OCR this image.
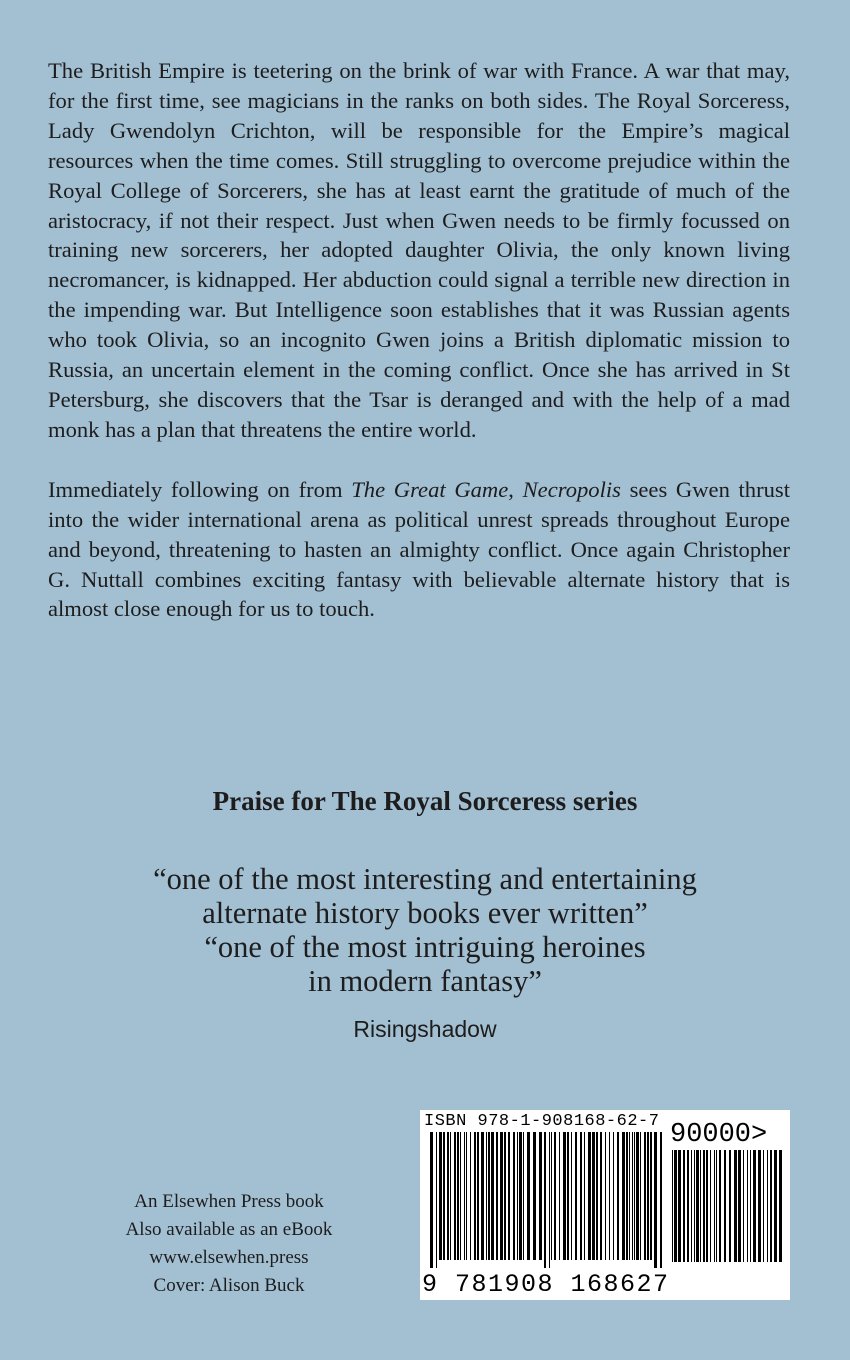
The British Empire is teetering on the brink of war with France. A war that may, for the first time, see magicians in the ranks on both sides. The Royal Sorceress, Lady Gwendolyn Crichton, will be responsible for the Empire’s magical resources when the time comes. Still struggling to overcome prejudice within the Royal College of Sorcerers, she has at least earnt the gratitude of much of the aristocracy, if not their respect. Just when Gwen needs to be firmly focussed on training new sorcerers, her adopted daughter Olivia, the only known living necromancer, is kidnapped. Her abduction could signal a terrible new direction in the impending war. But Intelligence soon establishes that it was Russian agents who took Olivia, so an incognito Gwen joins a British diplomatic mission to Russia, an uncertain element in the coming conflict. Once she has arrived in St Petersburg, she discovers that the Tsar is deranged and with the help of a mad monk has a plan that threatens the entire world.

Immediately following on from The Great Game, Necropolis sees Gwen thrust into the wider international arena as political unrest spreads throughout Europe and beyond, threatening to hasten an almighty conflict. Once again Christopher G. Nuttall combines exciting fantasy with believable alternate history that is almost close enough for us to touch.

Praise for The Royal Sorceress series
“one of the most interesting and entertaining
alternate history books ever written”
“one of the most intriguing heroines
in modern fantasy”
Risingshadow
An Elsewhen Press book
Also available as an eBook
www.elsewhen.press
Cover: Alison Buck
ISBN 978-1-908168-62-7 90000>
9 781908 168627
